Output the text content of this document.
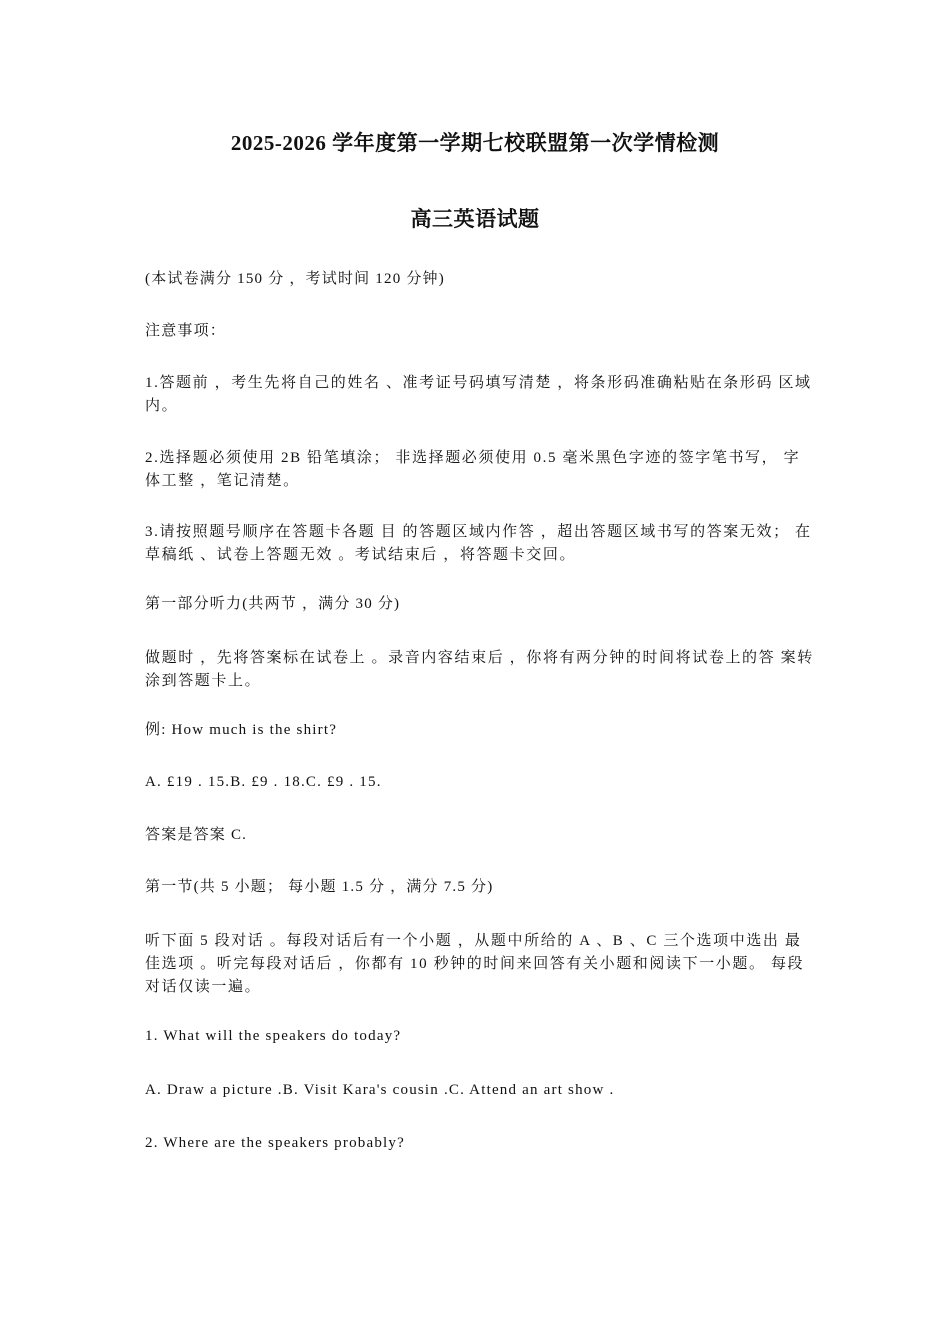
2025-2026 学年度第一学期七校联盟第一次学情检测
高三英语试题

(本试卷满分 150 分 ，考试时间 120 分钟)

注意事项：

1.答题前 ，考生先将自己的姓名 、准考证号码填写清楚 ，将条形码准确粘贴在条形码 区域内。

2.选择题必须使用 2B 铅笔填涂； 非选择题必须使用 0.5 毫米黑色字迹的签字笔书写， 字体工整 ，笔记清楚。

3.请按照题号顺序在答题卡各题 目 的答题区域内作答 ，超出答题区域书写的答案无效； 在草稿纸 、试卷上答题无效 。考试结束后 ，将答题卡交回。

第一部分听力(共两节 ，满分 30 分)

做题时 ，先将答案标在试卷上 。录音内容结束后 ，你将有两分钟的时间将试卷上的答 案转涂到答题卡上。

例: How much is the shirt?

A. £19 . 15.B. £9 . 18.C. £9 . 15.

答案是答案 C.

第一节(共 5 小题； 每小题 1.5 分 ，满分 7.5 分)

听下面 5 段对话 。每段对话后有一个小题 ，从题中所给的 A 、B 、C 三个选项中选出 最佳选项 。听完每段对话后 ，你都有 10 秒钟的时间来回答有关小题和阅读下一小题。 每段对话仅读一遍。

1. What will the speakers do today?

A. Draw a picture .B. Visit Kara's cousin .C. Attend an art show .

2. Where are the speakers probably?
